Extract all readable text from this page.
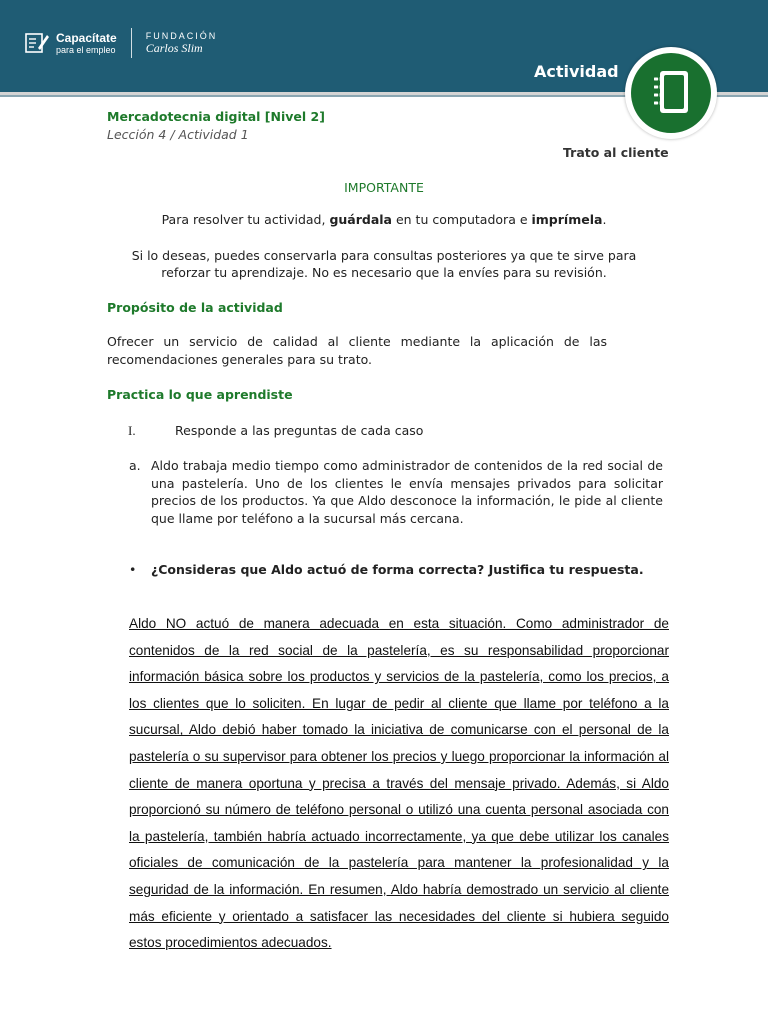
Capacítate
para el empleo
FUNDACIÓN
Carlos Slim
Actividad
Mercadotecnia digital [Nivel 2]
Lección 4 / Actividad 1
Trato al cliente
IMPORTANTE
Para resolver tu actividad, guárdala en tu computadora e imprímela.
Si lo deseas, puedes conservarla para consultas posteriores ya que te sirve para reforzar tu aprendizaje. No es necesario que la envíes para su revisión.
Propósito de la actividad
Ofrecer un servicio de calidad al cliente mediante la aplicación de las recomendaciones generales para su trato.
Practica lo que aprendiste
I.	Responde a las preguntas de cada caso
a. Aldo trabaja medio tiempo como administrador de contenidos de la red social de una pastelería. Uno de los clientes le envía mensajes privados para solicitar precios de los productos. Ya que Aldo desconoce la información, le pide al cliente que llame por teléfono a la sucursal más cercana.
•	¿Consideras que Aldo actuó de forma correcta? Justifica tu respuesta.
Aldo NO actuó de manera adecuada en esta situación. Como administrador de contenidos de la red social de la pastelería, es su responsabilidad proporcionar información básica sobre los productos y servicios de la pastelería, como los precios, a los clientes que lo soliciten. En lugar de pedir al cliente que llame por teléfono a la sucursal, Aldo debió haber tomado la iniciativa de comunicarse con el personal de la pastelería o su supervisor para obtener los precios y luego proporcionar la información al cliente de manera oportuna y precisa a través del mensaje privado. Además, si Aldo proporcionó su número de teléfono personal o utilizó una cuenta personal asociada con la pastelería, también habría actuado incorrectamente, ya que debe utilizar los canales oficiales de comunicación de la pastelería para mantener la profesionalidad y la seguridad de la información. En resumen, Aldo habría demostrado un servicio al cliente más eficiente y orientado a satisfacer las necesidades del cliente si hubiera seguido estos procedimientos adecuados.
